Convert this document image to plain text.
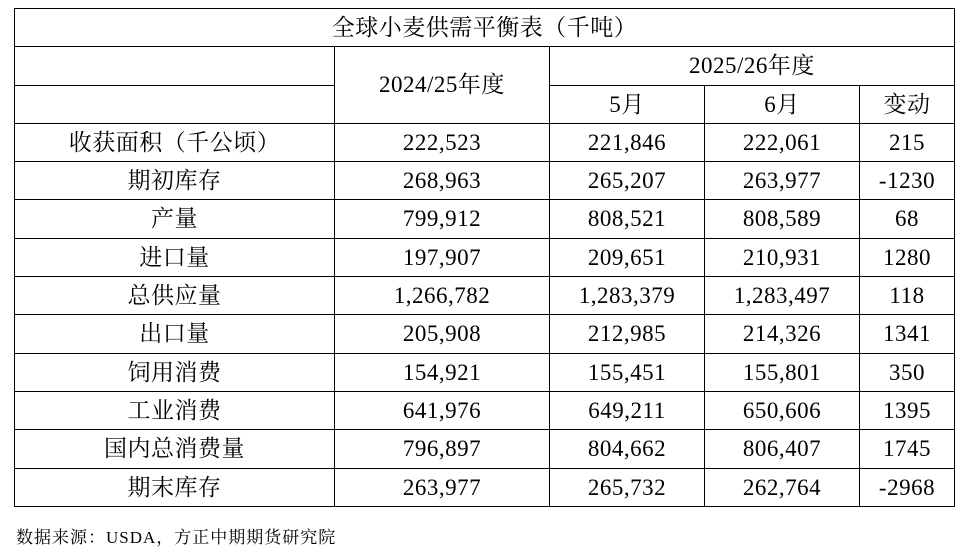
全球小麦供需平衡表（千吨）				
	2024/25年度	2025/26年度		
		5月	6月	变动
收获面积（千公顷）	222,523	221,846	222,061	215
期初库存	268,963	265,207	263,977	-1230
产量	799,912	808,521	808,589	68
进口量	197,907	209,651	210,931	1280
总供应量	1,266,782	1,283,379	1,283,497	118
出口量	205,908	212,985	214,326	1341
饲用消费	154,921	155,451	155,801	350
工业消费	641,976	649,211	650,606	1395
国内总消费量	796,897	804,662	806,407	1745
期末库存	263,977	265,732	262,764	-2968
数据来源：USDA，方正中期期货研究院
